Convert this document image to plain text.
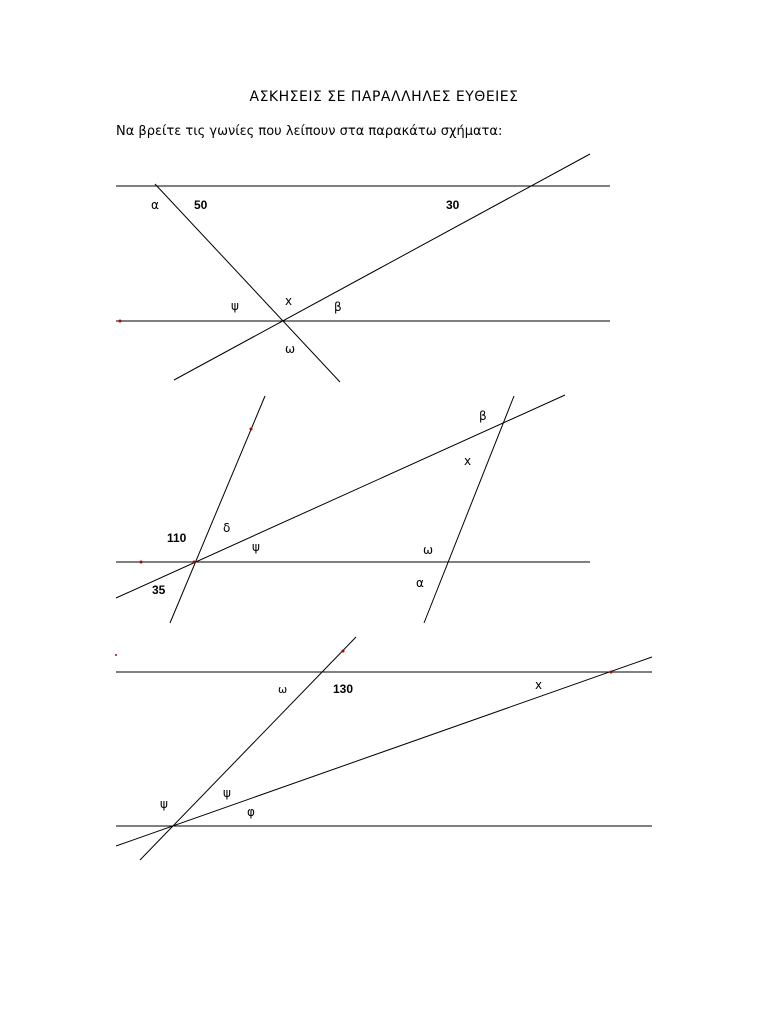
ΑΣΚΗΣΕΙΣ ΣΕ ΠΑΡΑΛΛΗΛΕΣ ΕΥΘΕΙΕΣ
Να βρείτε τις γωνίες που λείπουν στα παρακάτω σχήματα:
α	50	30
ψ	x	β
ω
β
x
110
δ
ψ	ω
35	α
ω	130	x
ψ
ψ
φ
